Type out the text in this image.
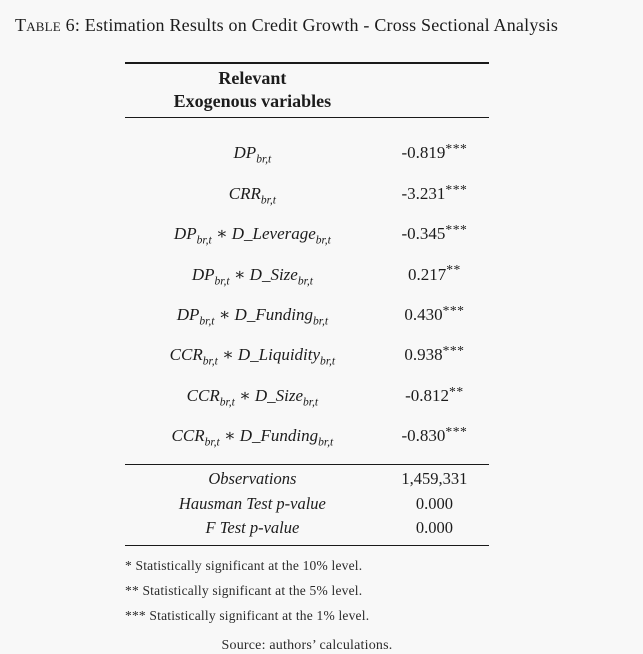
Table 6: Estimation Results on Credit Growth - Cross Sectional Analysis
Relevant
Exogenous variables
$DP_{br,t}$	-0.819***
$CRR_{br,t}$	-3.231***
$DP_{br,t}$ ∗ D_Leverage$_{br,t}$	-0.345***
$DP_{br,t}$ ∗ D_Size$_{br,t}$	0.217**
$DP_{br,t}$ ∗ D_Funding$_{br,t}$	0.430***
$CCR_{br,t}$ ∗ D_Liquidity$_{br,t}$	0.938***
$CCR_{br,t}$ ∗ D_Size$_{br,t}$	-0.812**
$CCR_{br,t}$ ∗ D_Funding$_{br,t}$	-0.830***
Observations	1,459,331
Hausman Test p-value	0.000
F Test p-value	0.000
* Statistically significant at the 10% level.
** Statistically significant at the 5% level.
*** Statistically significant at the 1% level.
Source: authors’ calculations.
